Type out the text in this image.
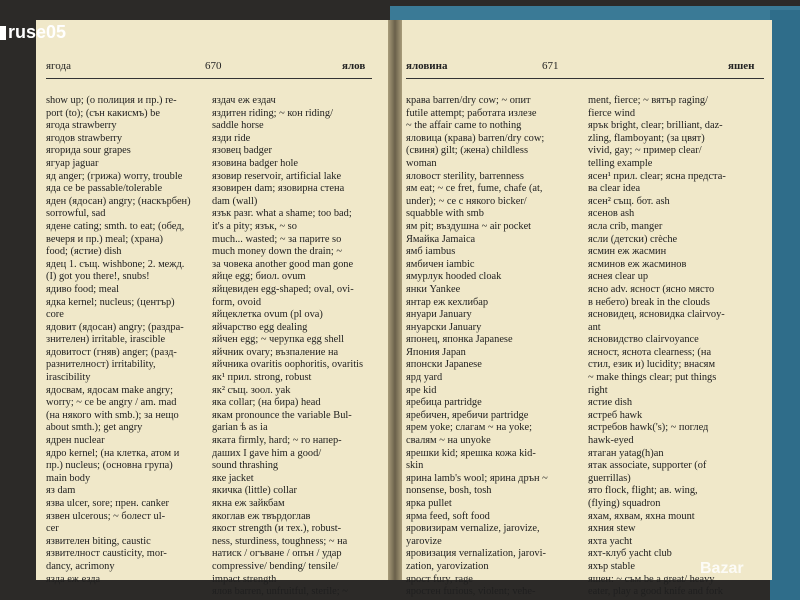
ягода	670	ялов	яловина	671	яшен

show up; (о полиция и пр.) re-

port (to); (сън какисмъ) be

ягода strawberry

ягодов strawberry

ягорида sour grapes

ягуар jaguar

яд anger; (грижа) worry, trouble

яда се be passable/tolerable

яден (ядосан) angry; (наскърбен)

sorrowful, sad

ядене cating; smth. to eat; (обед,

вечеря и пр.) meal; (храна)

food; (ястие) dish

ядец 1. същ. wishbone; 2. межд.

(I) got you there!, snubs!

ядиво food; meal

ядка kernel; nucleus; (център)

core

ядовит (ядосан) angry; (раздра-

знителен) irritable, irascible

ядовитост (гняв) anger; (разд-

разнителност) irritability,

irascibility

ядосвам, ядосам make angry;

worry; ~ се be angry / am. mad

(на някого with smb.); за нещо

about smth.); get angry

ядрен nuclear

ядро kernel; (на клетка, атом и

пр.) nucleus; (основна група)

main body

яз dam

язва ulcer, sore; прен. canker

язвен ulcerous; ~ болест ul-

cer

язвителен biting, caustic

язвителност causticity, mor-

dancy, acrimony

язда еж езда

яздач еж ездач

яздитен riding; ~ кон riding/

saddle horse

язди ride

язовец badger

язовина badger hole

язовир reservoir, artificial lake

язовирен dam; язовирна стена

dam (wall)

язък разг. what a shame; too bad;

it's a pity; язък, ~ so

much... wasted; ~ за парите so

much money down the drain; ~

за човека another good man gone

яйце egg; биол. ovum

яйцевиден egg-shaped; oval, ovi-

form, ovoid

яйцеклетка ovum (pl ova)

яйчарство egg dealing

яйчен egg; ~ черупка egg shell

яйчник ovary; възпаление на

яйчника ovaritis oophoritis, ovaritis

як¹ прил. strong, robust

як² същ. зоол. yak

яка collar; (на бира) head

якам pronounce the variable Bul-

garian ѣ as ia

якaта firmly, hard; ~ го напер-

даших I gave him a good/

sound thrashing

яке jacket

якичка (little) collar

якна еж зайкбам

якоглав еж твърдоглав

якост strength (и тех.), robust-

ness, sturdiness, toughness; ~ на

натиск / огъване / опън / удар

compressive/ bending/ tensile/

impact strength

ялов barren, unfruitful, sterile; ~

крава barren/dry cow; ~ опит

futile attempt; работата излезе

~ the affair came to nothing

яловица (крава) barren/dry cow;

(свиня) gilt; (жена) childless

woman

яловост sterility, barrenness

ям eat; ~ се fret, fume, chafe (at,

under); ~ се с някого bicker/

squabble with smb

ям pit; въздушна ~ air pocket

Ямайка Jamaica

ямб iambus

ямбичен iambic

ямурлук hooded cloak

янки Yankee

янтар еж кехлибар

януари January

януарски January

японец, японка Japanese

Япония Japan

японски Japanese

ярд yard

яре kid

яребица partridge

яребичен, яребичи partridge

ярем yoke; слагам ~ на yoke;

свалям ~ на unyoke

ярешки kid; ярешка кожа kid-

skin

ярина lamb's wool; ярина дрън ~

nonsense, bosh, tosh

ярка pullet

ярма feed, soft food

яровизирам vernalize, jarovize,

yarovize

яровизация vernalization, jarovi-

zation, yarovization

ярост fury, rage

яростен furious, violent; vehe-

ment, fierce; ~ вятър raging/

fierce wind

ярък bright, clear; brilliant, daz-

zling, flamboyant; (за цвят)

vivid, gay; ~ пример clear/

telling example

ясен¹ прил. clear; ясна предста-

ва clear idea

ясен² същ. бот. ash

ясенов ash

ясла crib, manger

ясли (детски) crèche

ясмин еж жасмин

ясминов еж жасминов

яснея clear up

ясно adv. ясност (ясно място

в небето) break in the clouds

ясновидец, ясновидка clairvoy-

ant

ясновидство clairvoyance

ясност, яснота clearness; (на

стил, език и) lucidity; внасям

~ make things clear; put things

right

ястие dish

ястреб hawk

ястребов hawk('s); ~ поглед

hawk-eyed

ятаган yatag(h)an

ятак associate, supporter (of

guerrillas)

ято flock, flight; ав. wing,

(flying) squadron

яхам, яхвам, яхна mount

яхния stew

яхта yacht

яхт-клуб yacht club

яхър stable

яшен: ~ съм be a great/ heavy

eater, play a good knife and fork

ruse05
Bazar
